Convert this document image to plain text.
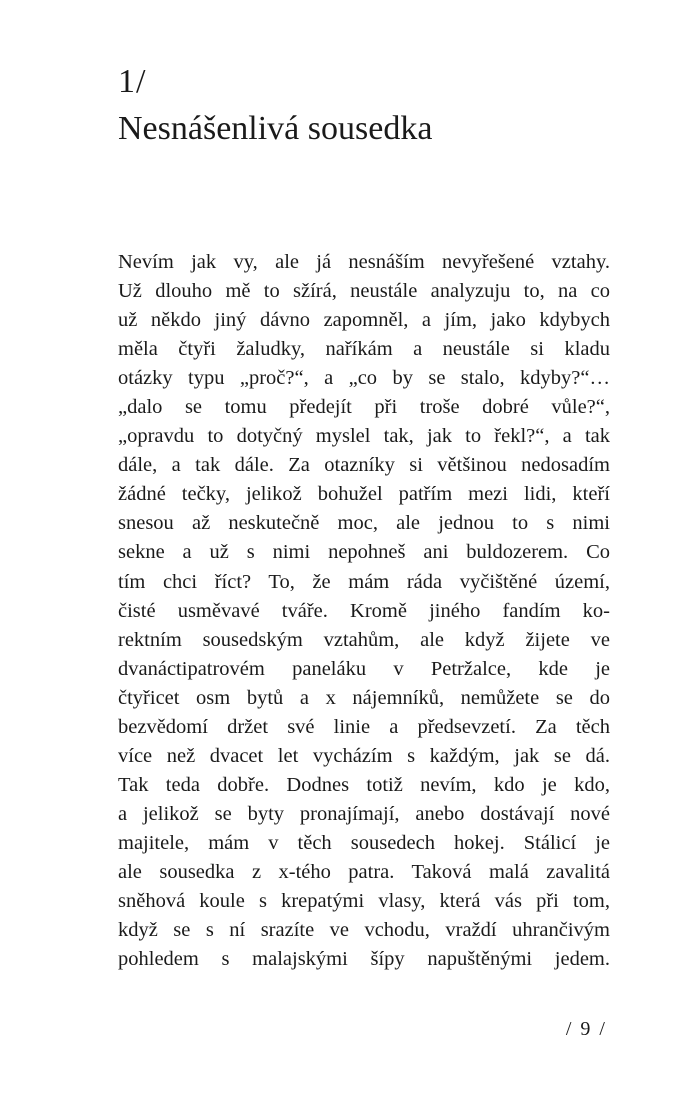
1/
Nesnášenlivá sousedka
Nevím jak vy, ale já nesnáším nevyřešené vztahy.
Už dlouho mě to sžírá, neustále analyzuju to, na co
už někdo jiný dávno zapomněl, a jím, jako kdybych
měla čtyři žaludky, naříkám a neustále si kladu
otázky typu „proč?“, a „co by se stalo, kdyby?“…
„dalo se tomu předejít při troše dobré vůle?“,
„opravdu to dotyčný myslel tak, jak to řekl?“, a tak
dále, a tak dále. Za otazníky si většinou nedosadím
žádné tečky, jelikož bohužel patřím mezi lidi, kteří
snesou až neskutečně moc, ale jednou to s nimi
sekne a už s nimi nepohneš ani buldozerem. Co
tím chci říct? To, že mám ráda vyčištěné území,
čisté usměvavé tváře. Kromě jiného fandím ko-
rektním sousedským vztahům, ale když žijete ve
dvanáctipatrovém paneláku v Petržalce, kde je
čtyřicet osm bytů a x nájemníků, nemůžete se do
bezvědomí držet své linie a předsevzetí. Za těch
více než dvacet let vycházím s každým, jak se dá.
Tak teda dobře. Dodnes totiž nevím, kdo je kdo,
a jelikož se byty pronajímají, anebo dostávají nové
majitele, mám v těch sousedech hokej. Stálicí je
ale sousedka z x-tého patra. Taková malá zavalitá
sněhová koule s krepatými vlasy, která vás při tom,
když se s ní srazíte ve vchodu, vraždí uhrančivým
pohledem s malajskými šípy napuštěnými jedem.
/ 9 /
